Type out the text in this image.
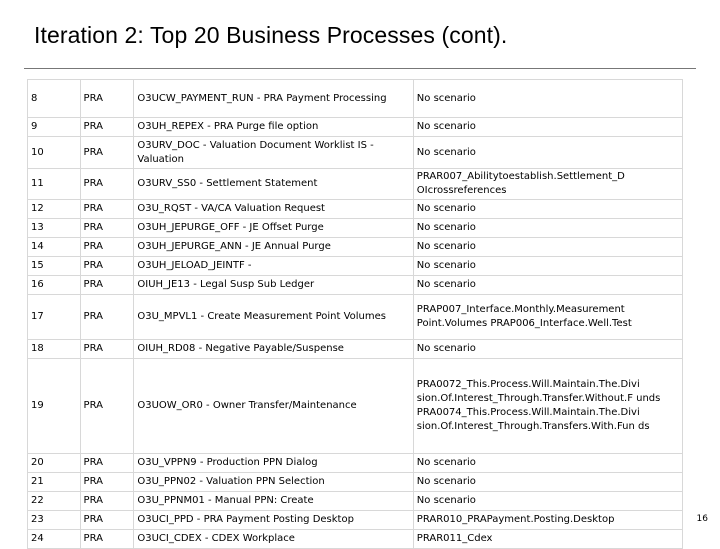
Iteration 2: Top 20 Business Processes (cont).
8	PRA	O3UCW_PAYMENT_RUN - PRA Payment Processing	No scenario
9	PRA	O3UH_REPEX - PRA Purge file option	No scenario
10	PRA	O3URV_DOC - Valuation Document Worklist IS - Valuation	No scenario
11	PRA	O3URV_SS0 - Settlement Statement	PRAR007_Abilitytoestablish.Settlement_D OIcrossreferences
12	PRA	O3U_RQST - VA/CA Valuation Request	No scenario
13	PRA	O3UH_JEPURGE_OFF - JE Offset Purge	No scenario
14	PRA	O3UH_JEPURGE_ANN - JE Annual Purge	No scenario
15	PRA	O3UH_JELOAD_JEINTF -	No scenario
16	PRA	OIUH_JE13 - Legal Susp Sub Ledger	No scenario
17	PRA	O3U_MPVL1 - Create Measurement Point Volumes	PRAP007_Interface.Monthly.Measurement Point.Volumes PRAP006_Interface.Well.Test
18	PRA	OIUH_RD08 - Negative Payable/Suspense	No scenario
19	PRA	O3UOW_OR0 - Owner Transfer/Maintenance	PRA0072_This.Process.Will.Maintain.The.Divi sion.Of.Interest_Through.Transfer.Without.F unds PRA0074_This.Process.Will.Maintain.The.Divi sion.Of.Interest_Through.Transfers.With.Fun ds
20	PRA	O3U_VPPN9 - Production PPN Dialog	No scenario
21	PRA	O3U_PPN02 - Valuation PPN Selection	No scenario
22	PRA	O3U_PPNM01 - Manual PPN: Create	No scenario
23	PRA	O3UCI_PPD - PRA Payment Posting Desktop	PRAR010_PRAPayment.Posting.Desktop
24	PRA	O3UCI_CDEX - CDEX Workplace	PRAR011_Cdex
16
